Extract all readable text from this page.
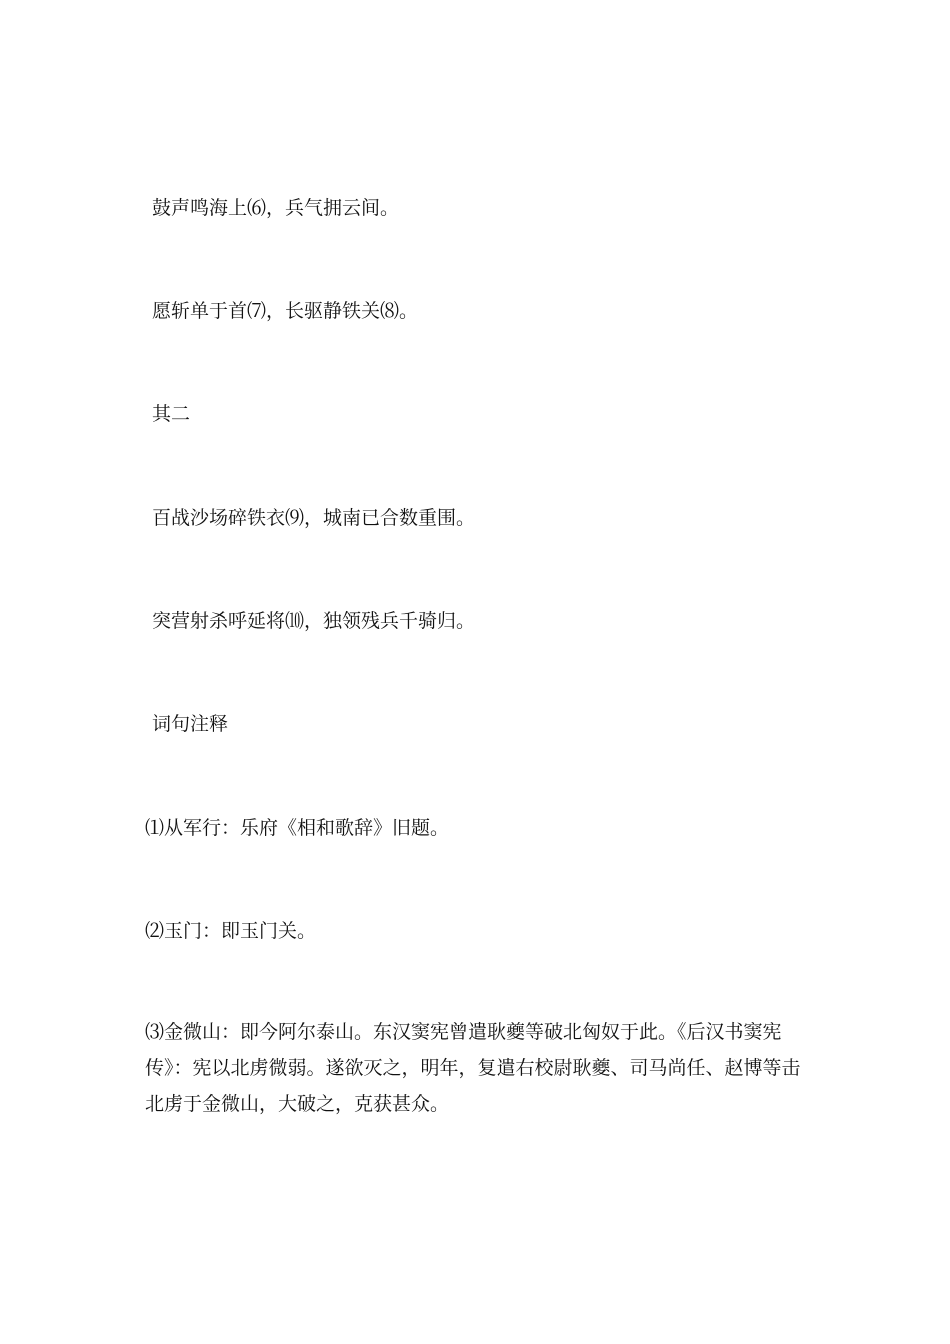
鼓声鸣海上⑹，兵气拥云间。

愿斩单于首⑺，长驱静铁关⑻。

其二

百战沙场碎铁衣⑼，城南已合数重围。

突营射杀呼延将⑽，独领残兵千骑归。

词句注释

⑴从军行：乐府《相和歌辞》旧题。

⑵玉门：即玉门关。

⑶金微山：即今阿尔泰山。东汉窦宪曾遣耿夔等破北匈奴于此。《后汉书窦宪传》：宪以北虏微弱。遂欲灭之，明年，复遣右校尉耿夔、司马尚任、赵博等击北虏于金微山，大破之，克获甚众。
